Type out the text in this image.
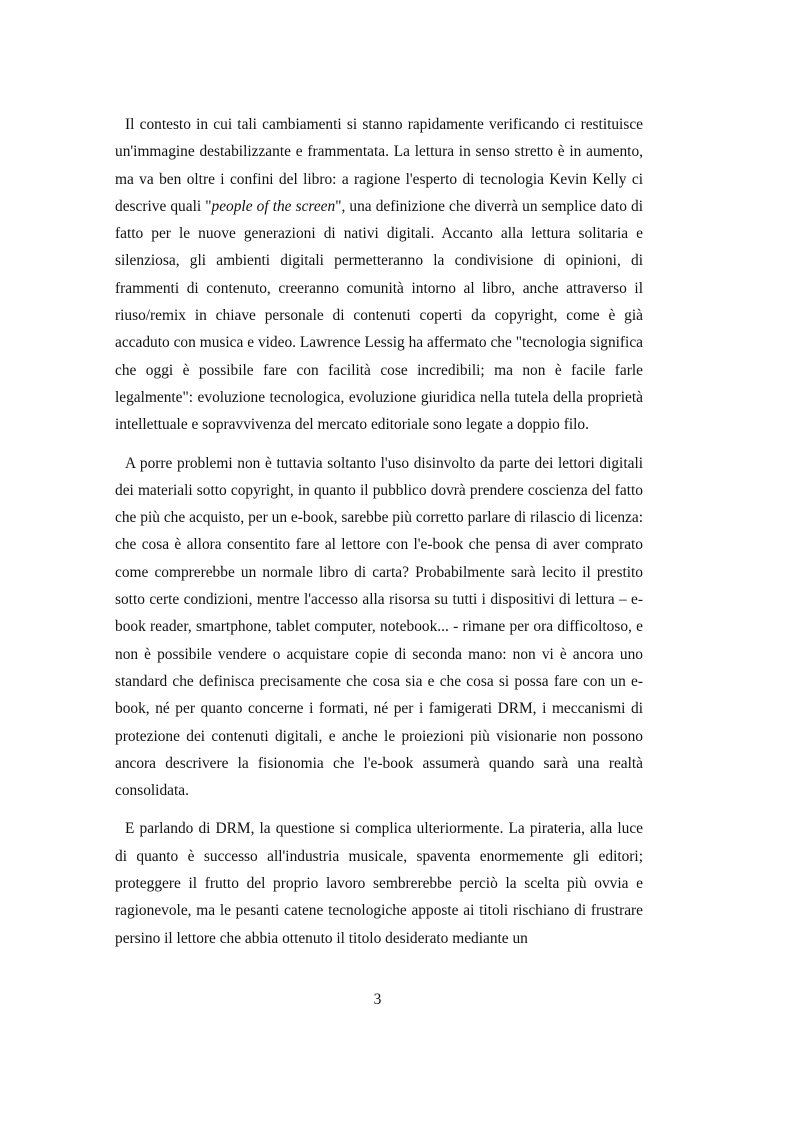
Il contesto in cui tali cambiamenti si stanno rapidamente verificando ci restituisce un'immagine destabilizzante e frammentata. La lettura in senso stretto è in aumento, ma va ben oltre i confini del libro: a ragione l'esperto di tecnologia Kevin Kelly ci descrive quali "people of the screen", una definizione che diverrà un semplice dato di fatto per le nuove generazioni di nativi digitali. Accanto alla lettura solitaria e silenziosa, gli ambienti digitali permetteranno la condivisione di opinioni, di frammenti di contenuto, creeranno comunità intorno al libro, anche attraverso il riuso/remix in chiave personale di contenuti coperti da copyright, come è già accaduto con musica e video. Lawrence Lessig ha affermato che "tecnologia significa che oggi è possibile fare con facilità cose incredibili; ma non è facile farle legalmente": evoluzione tecnologica, evoluzione giuridica nella tutela della proprietà intellettuale e sopravvivenza del mercato editoriale sono legate a doppio filo.

A porre problemi non è tuttavia soltanto l'uso disinvolto da parte dei lettori digitali dei materiali sotto copyright, in quanto il pubblico dovrà prendere coscienza del fatto che più che acquisto, per un e-book, sarebbe più corretto parlare di rilascio di licenza: che cosa è allora consentito fare al lettore con l'e-book che pensa di aver comprato come comprerebbe un normale libro di carta? Probabilmente sarà lecito il prestito sotto certe condizioni, mentre l'accesso alla risorsa su tutti i dispositivi di lettura – e-book reader, smartphone, tablet computer, notebook... - rimane per ora difficoltoso, e non è possibile vendere o acquistare copie di seconda mano: non vi è ancora uno standard che definisca precisamente che cosa sia e che cosa si possa fare con un e-book, né per quanto concerne i formati, né per i famigerati DRM, i meccanismi di protezione dei contenuti digitali, e anche le proiezioni più visionarie non possono ancora descrivere la fisionomia che l'e-book assumerà quando sarà una realtà consolidata.

E parlando di DRM, la questione si complica ulteriormente. La pirateria, alla luce di quanto è successo all'industria musicale, spaventa enormemente gli editori; proteggere il frutto del proprio lavoro sembrerebbe perciò la scelta più ovvia e ragionevole, ma le pesanti catene tecnologiche apposte ai titoli rischiano di frustrare persino il lettore che abbia ottenuto il titolo desiderato mediante un

3
